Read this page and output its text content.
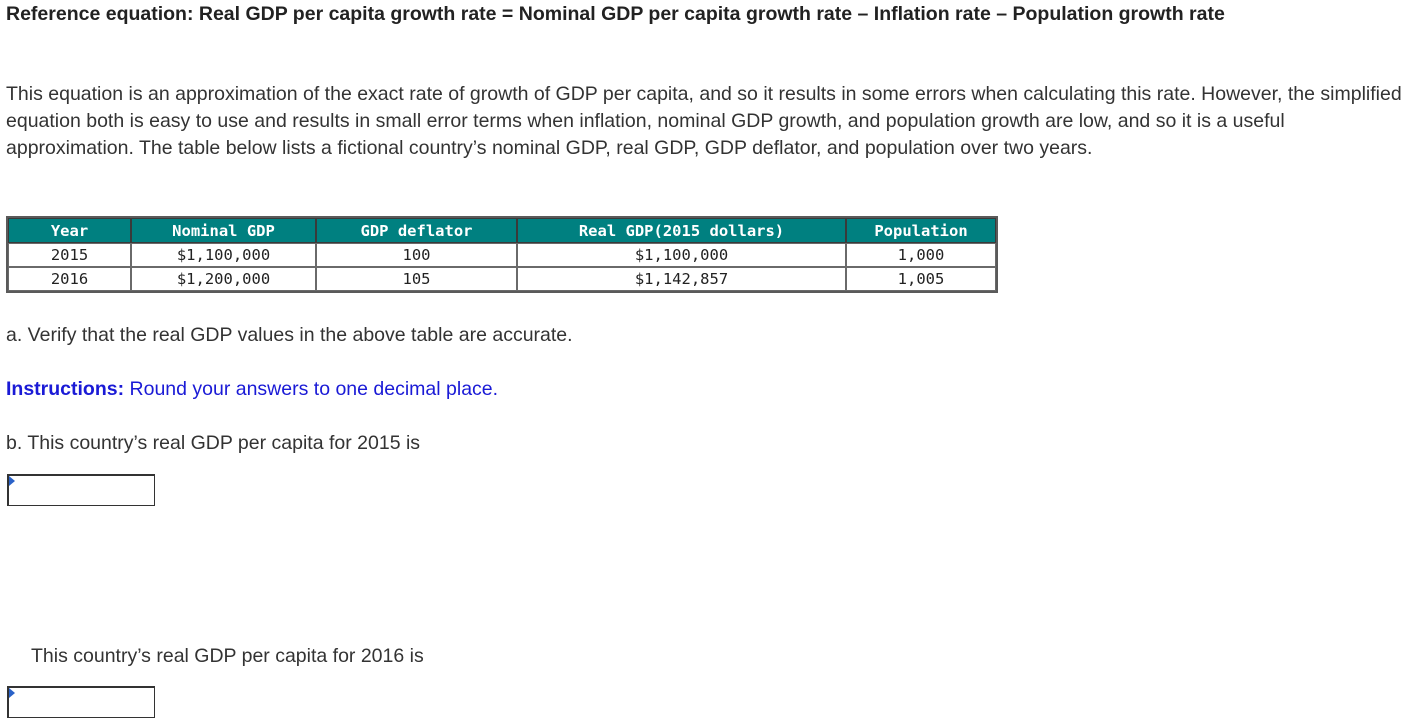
Reference equation: Real GDP per capita growth rate = Nominal GDP per capita growth rate – Inflation rate – Population growth rate
This equation is an approximation of the exact rate of growth of GDP per capita, and so it results in some errors when calculating this rate. However, the simplified equation both is easy to use and results in small error terms when inflation, nominal GDP growth, and population growth are low, and so it is a useful approximation. The table below lists a fictional country’s nominal GDP, real GDP, GDP deflator, and population over two years.
Year	Nominal GDP	GDP deflator	Real GDP(2015 dollars)	Population
2015	$1,100,000	100	$1,100,000	1,000
2016	$1,200,000	105	$1,142,857	1,005
a. Verify that the real GDP values in the above table are accurate.
Instructions: Round your answers to one decimal place.
b. This country’s real GDP per capita for 2015 is
This country’s real GDP per capita for 2016 is
